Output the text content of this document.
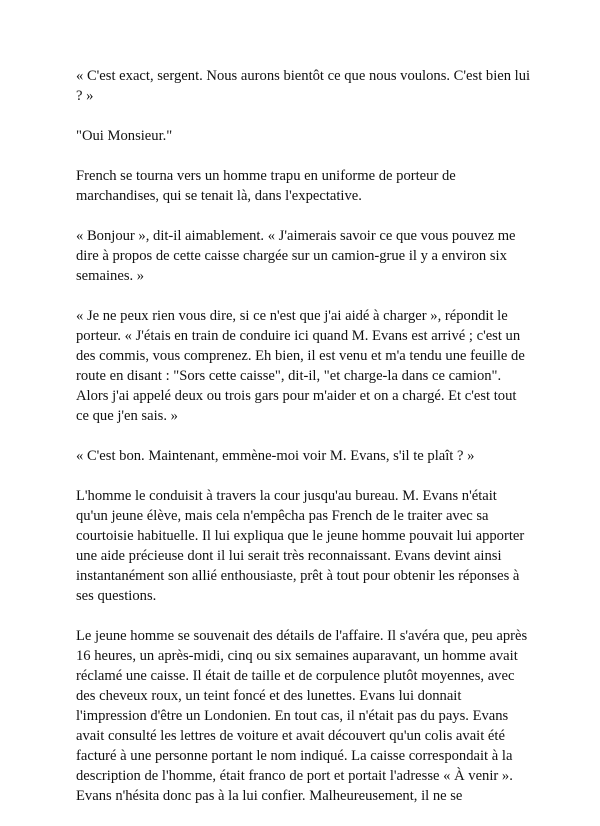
« C'est exact, sergent. Nous aurons bientôt ce que nous voulons. C'est bien lui ? »

"Oui Monsieur."

French se tourna vers un homme trapu en uniforme de porteur de marchandises, qui se tenait là, dans l'expectative.

« Bonjour », dit-il aimablement. « J'aimerais savoir ce que vous pouvez me dire à propos de cette caisse chargée sur un camion-grue il y a environ six semaines. »

« Je ne peux rien vous dire, si ce n'est que j'ai aidé à charger », répondit le porteur. « J'étais en train de conduire ici quand M. Evans est arrivé ; c'est un des commis, vous comprenez. Eh bien, il est venu et m'a tendu une feuille de route en disant : "Sors cette caisse", dit-il, "et charge-la dans ce camion". Alors j'ai appelé deux ou trois gars pour m'aider et on a chargé. Et c'est tout ce que j'en sais. »

« C'est bon. Maintenant, emmène-moi voir M. Evans, s'il te plaît ? »

L'homme le conduisit à travers la cour jusqu'au bureau. M. Evans n'était qu'un jeune élève, mais cela n'empêcha pas French de le traiter avec sa courtoisie habituelle. Il lui expliqua que le jeune homme pouvait lui apporter une aide précieuse dont il lui serait très reconnaissant. Evans devint ainsi instantanément son allié enthousiaste, prêt à tout pour obtenir les réponses à ses questions.

Le jeune homme se souvenait des détails de l'affaire. Il s'avéra que, peu après 16 heures, un après-midi, cinq ou six semaines auparavant, un homme avait réclamé une caisse. Il était de taille et de corpulence plutôt moyennes, avec des cheveux roux, un teint foncé et des lunettes. Evans lui donnait l'impression d'être un Londonien. En tout cas, il n'était pas du pays. Evans avait consulté les lettres de voiture et avait découvert qu'un colis avait été facturé à une personne portant le nom indiqué. La caisse correspondait à la description de l'homme, était franco de port et portait l'adresse « À venir ». Evans n'hésita donc pas à la lui confier. Malheureusement, il ne se
